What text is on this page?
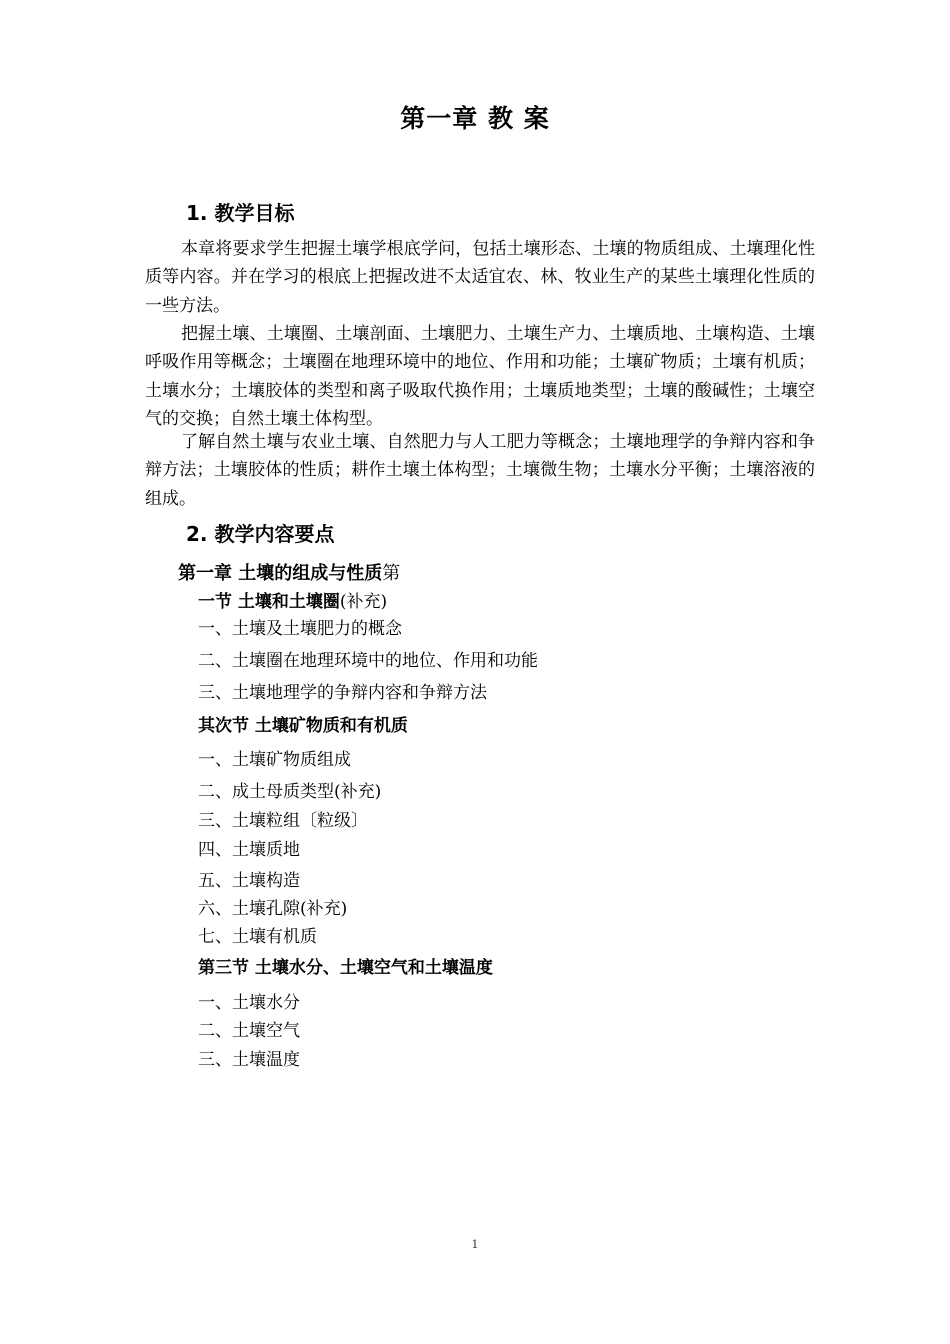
第一章 教 案
1. 教学目标

本章将要求学生把握土壤学根底学问，包括土壤形态、土壤的物质组成、土壤理化性质等内容。并在学习的根底上把握改进不太适宜农、林、牧业生产的某些土壤理化性质的一些方法。

把握土壤、土壤圈、土壤剖面、土壤肥力、土壤生产力、土壤质地、土壤构造、土壤呼吸作用等概念；土壤圈在地理环境中的地位、作用和功能；土壤矿物质；土壤有机质；土壤水分；土壤胶体的类型和离子吸取代换作用；土壤质地类型；土壤的酸碱性；土壤空气的交换；自然土壤土体构型。

了解自然土壤与农业土壤、自然肥力与人工肥力等概念；土壤地理学的争辩内容和争辩方法；土壤胶体的性质；耕作土壤土体构型；土壤微生物；土壤水分平衡；土壤溶液的组成。

2. 教学内容要点
第一章 土壤的组成与性质第
一节 土壤和土壤圈(补充)
一、土壤及土壤肥力的概念
二、土壤圈在地理环境中的地位、作用和功能
三、土壤地理学的争辩内容和争辩方法
其次节 土壤矿物质和有机质
一、土壤矿物质组成
二、成土母质类型(补充)
三、土壤粒组〔粒级〕
四、土壤质地
五、土壤构造
六、土壤孔隙(补充)
七、土壤有机质
第三节 土壤水分、土壤空气和土壤温度
一、土壤水分
二、土壤空气
三、土壤温度
1
